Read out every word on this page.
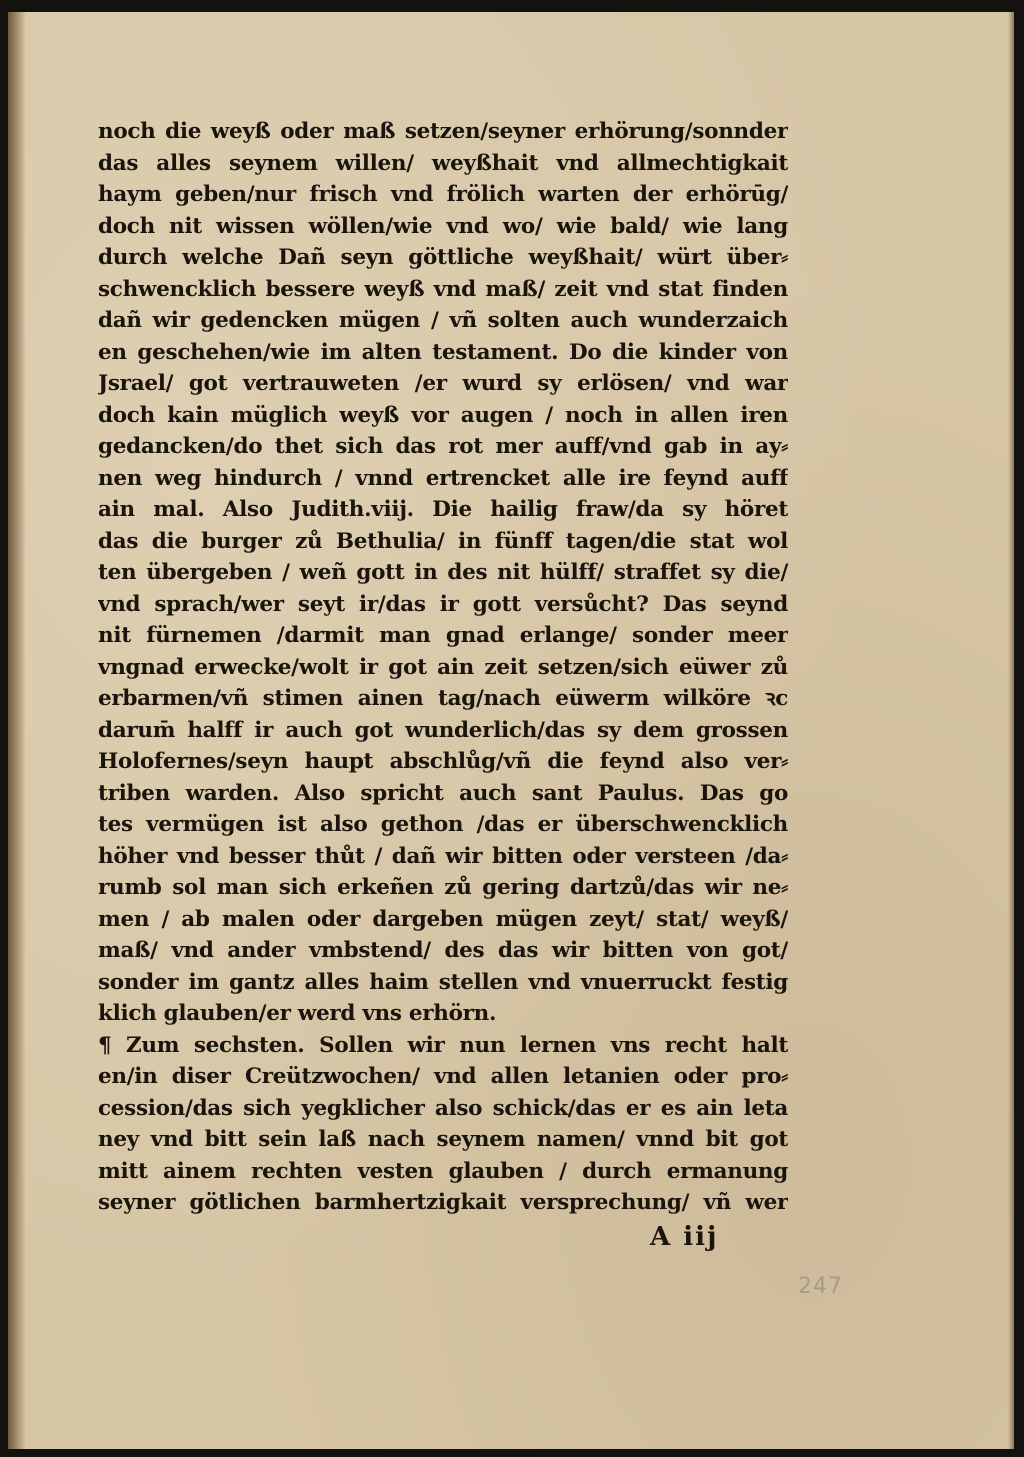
noch die weyß oder maß setzen/seyner erhörung/sonnder
das alles seynem willen/ weyßhait vnd allmechtigkait
haym geben/nur frisch vnd frölich warten der erhörūg/
doch nit wissen wöllen/wie vnd wo/ wie bald/ wie lang
durch welche Dañ seyn göttliche weyßhait/ würt über⸗
schwencklich bessere weyß vnd maß/ zeit vnd stat finden
dañ wir gedencken mügen / vñ solten auch wunderzaich
en geschehen/wie im alten testament. Do die kinder von
Jsrael/ got vertrauweten /er wurd sy erlösen/ vnd war
doch kain müglich weyß vor augen / noch in allen iren
gedancken/do thet sich das rot mer auff/vnd gab in ay⸗
nen weg hindurch / vnnd ertrencket alle ire feynd auff
ain mal. Also Judith.viij. Die hailig fraw/da sy höret
das die burger zů Bethulia/ in fünff tagen/die stat wol
ten übergeben / weñ gott in des nit hülff/ straffet sy die/
vnd sprach/wer seyt ir/das ir gott versůcht? Das seynd
nit fürnemen /darmit man gnad erlange/ sonder meer
vngnad erwecke/wolt ir got ain zeit setzen/sich eüwer zů
erbarmen/vñ stimen ainen tag/nach eüwerm wilköre ꝛc
darum̄ halff ir auch got wunderlich/das sy dem grossen
Holofernes/seyn haupt abschlůg/vñ die feynd also ver⸗
triben warden. Also spricht auch sant Paulus. Das go
tes vermügen ist also gethon /das er überschwencklich
höher vnd besser thůt / dañ wir bitten oder versteen /da⸗
rumb sol man sich erkeñen zů gering dartzů/das wir ne⸗
men / ab malen oder dargeben mügen zeyt/ stat/ weyß/
maß/ vnd ander vmbstend/ des das wir bitten von got/
sonder im gantz alles haim stellen vnd vnuerruckt festig
klich glauben/er werd vns erhörn.
¶ Zum sechsten. Sollen wir nun lernen vns recht halt
en/in diser Creützwochen/ vnd allen letanien oder pro⸗
cession/das sich yegklicher also schick/das er es ain leta
ney vnd bitt sein laß nach seynem namen/ vnnd bit got
mitt ainem rechten vesten glauben / durch ermanung
seyner götlichen barmhertzigkait versprechung/ vñ wer
A iij
247
